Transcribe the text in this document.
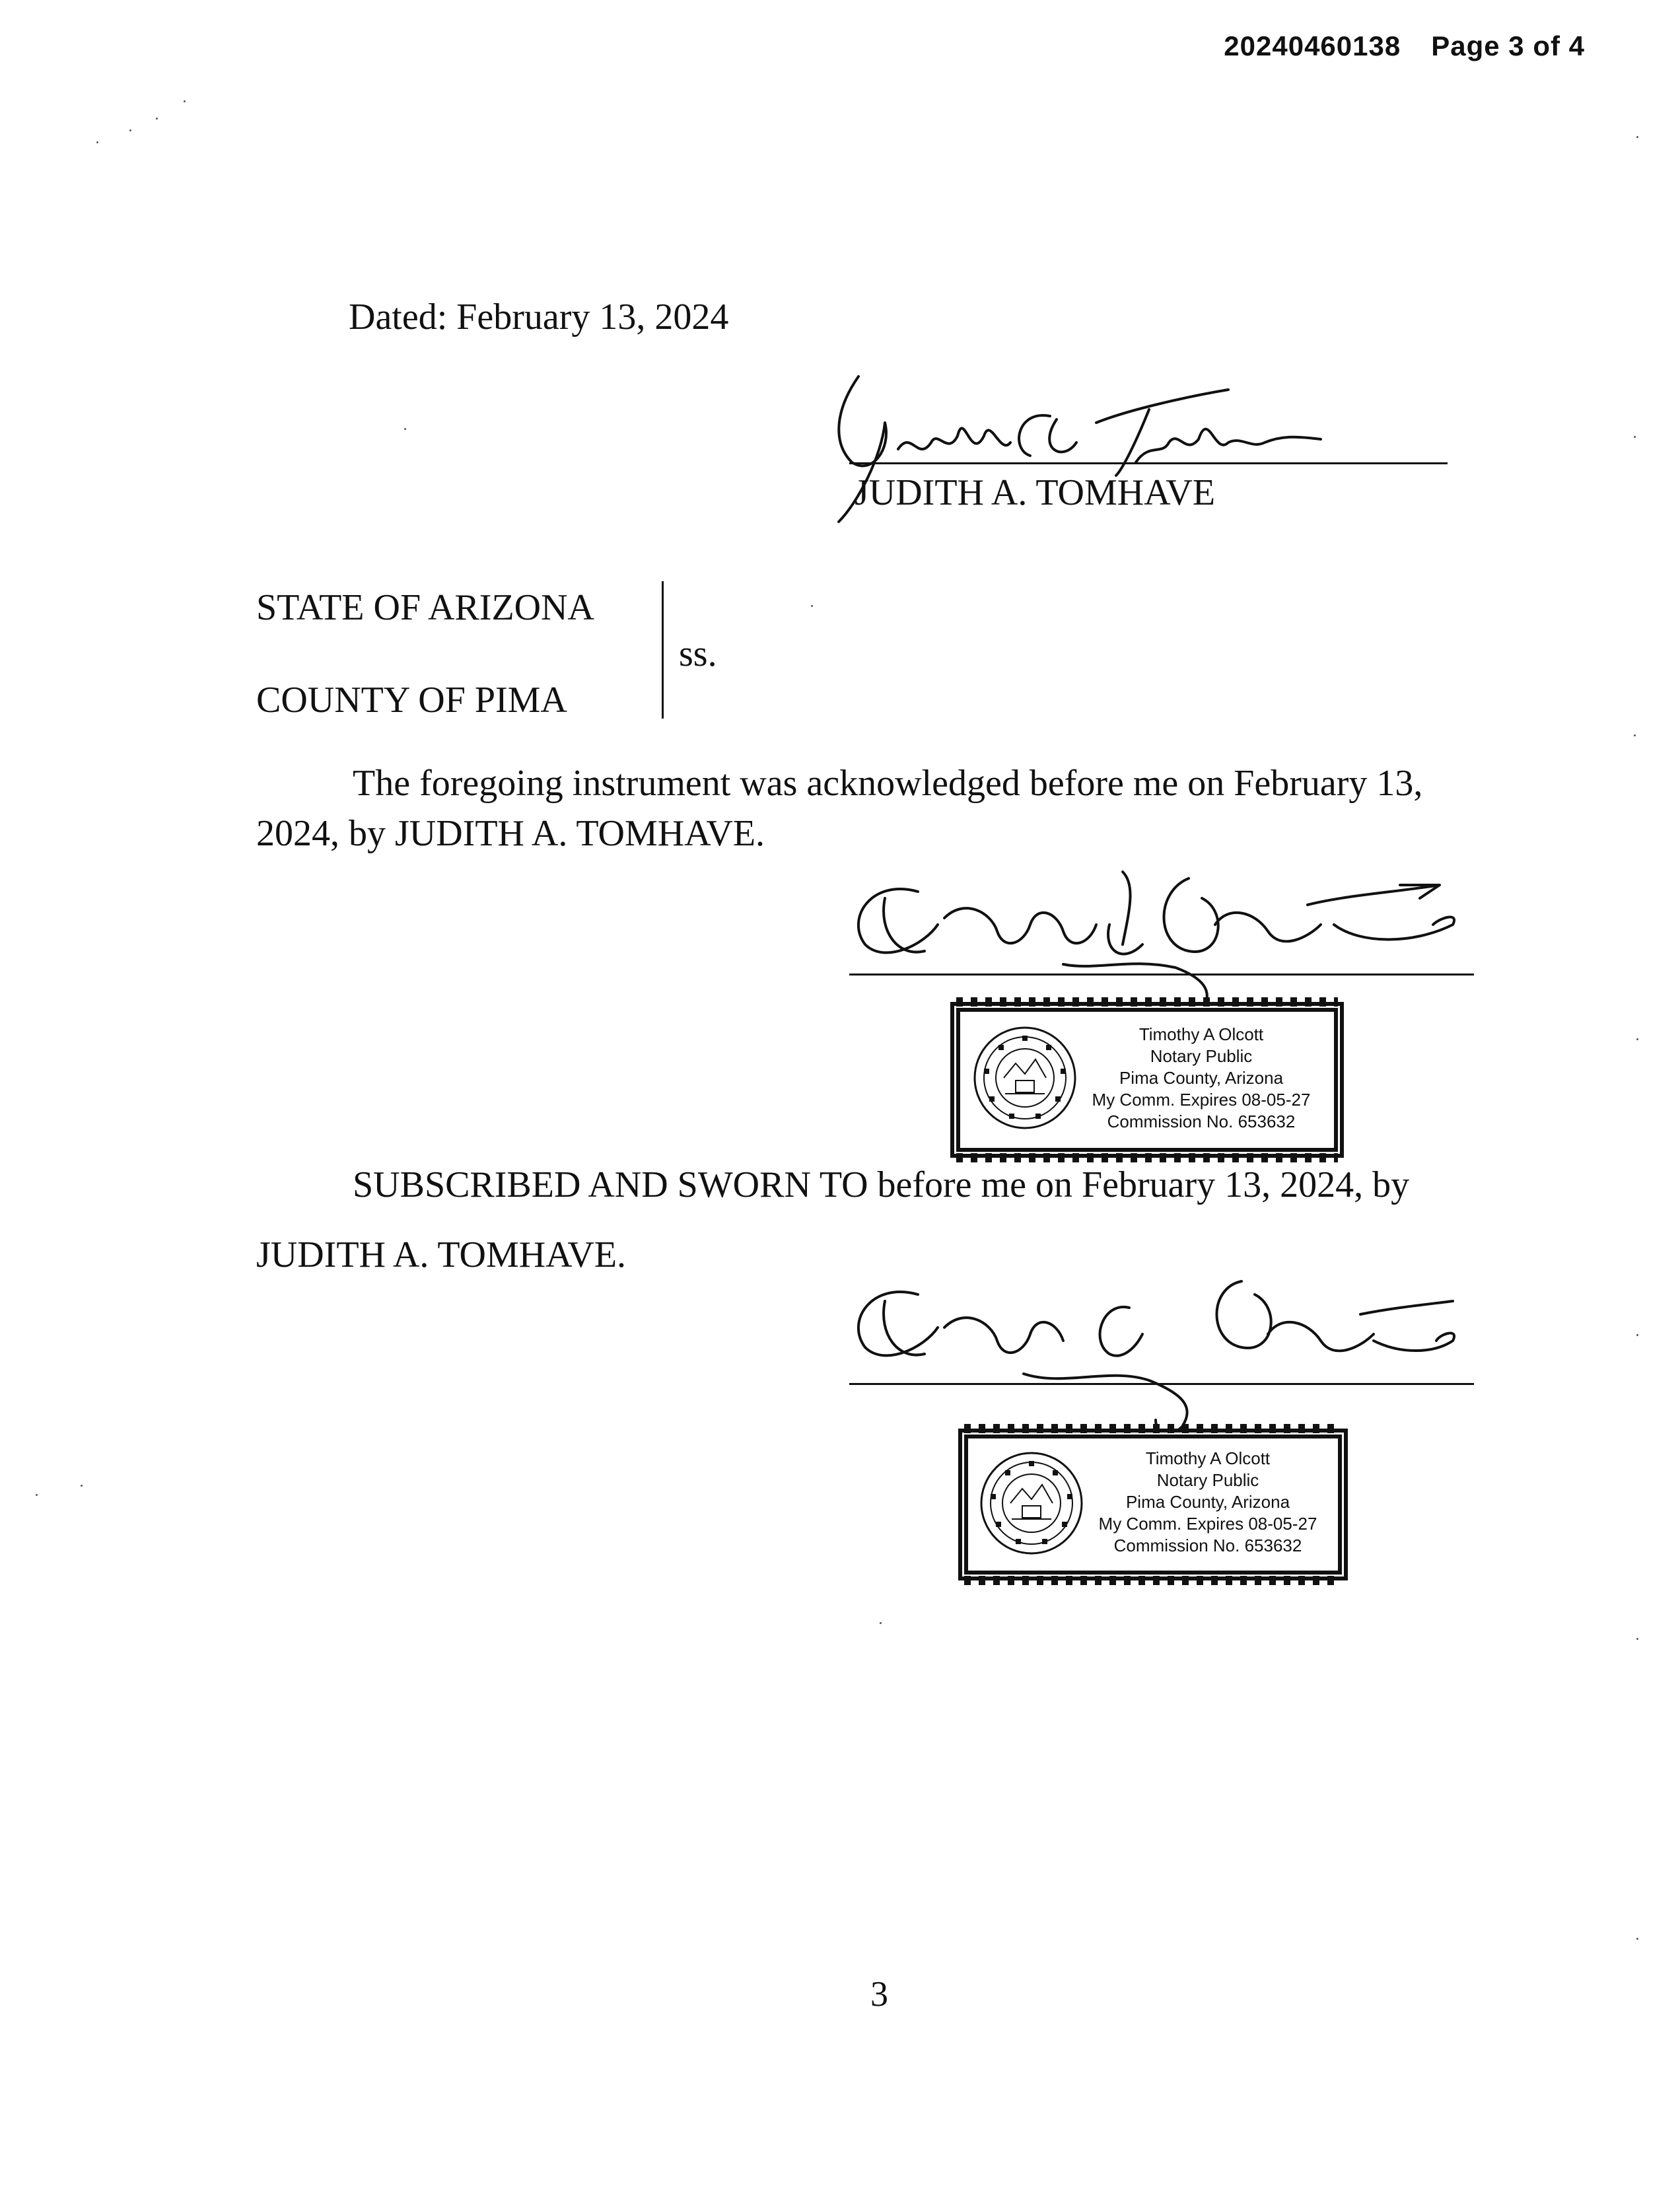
20240460138 Page 3 of 4
Dated: February 13, 2024
JUDITH A. TOMHAVE
STATE OF ARIZONA
COUNTY OF PIMA
ss.
The foregoing instrument was acknowledged before me on February 13,
2024, by JUDITH A. TOMHAVE.
Timothy A Olcott
Notary Public
Pima County, Arizona
My Comm. Expires 08-05-27
Commission No. 653632
SUBSCRIBED AND SWORN TO before me on February 13, 2024, by
JUDITH A. TOMHAVE.
Timothy A Olcott
Notary Public
Pima County, Arizona
My Comm. Expires 08-05-27
Commission No. 653632
3
